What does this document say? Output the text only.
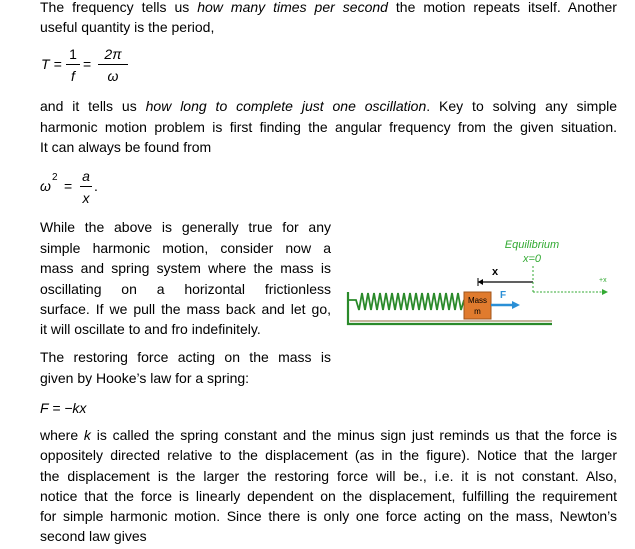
The frequency tells us how many times per second the motion repeats itself. Another

useful quantity is the period,

T =
1
f
=
2π
ω

and it tells us how long to complete just one oscillation. Key to solving any simple

harmonic motion problem is first finding the angular frequency from the given situation.

It can always be found from

ω
2
=
a
x
.

While the above is generally true for any

simple harmonic motion, consider now a

mass and spring system where the mass is

oscillating on a horizontal frictionless

surface. If we pull the mass back and let go,

it will oscillate to and fro indefinitely.

The restoring force acting on the mass is

given by Hooke’s law for a spring:

F = −kx

where k is called the spring constant and the minus sign just reminds us that the force is

oppositely directed relative to the displacement (as in the figure). Notice that the larger

the displacement is the larger the restoring force will be., i.e. it is not constant. Also,

notice that the force is linearly dependent on the displacement, fulfilling the requirement

for simple harmonic motion. Since there is only one force acting on the mass, Newton’s

second law gives

Mass
m
F
x
Equilibrium
x=0
+x
